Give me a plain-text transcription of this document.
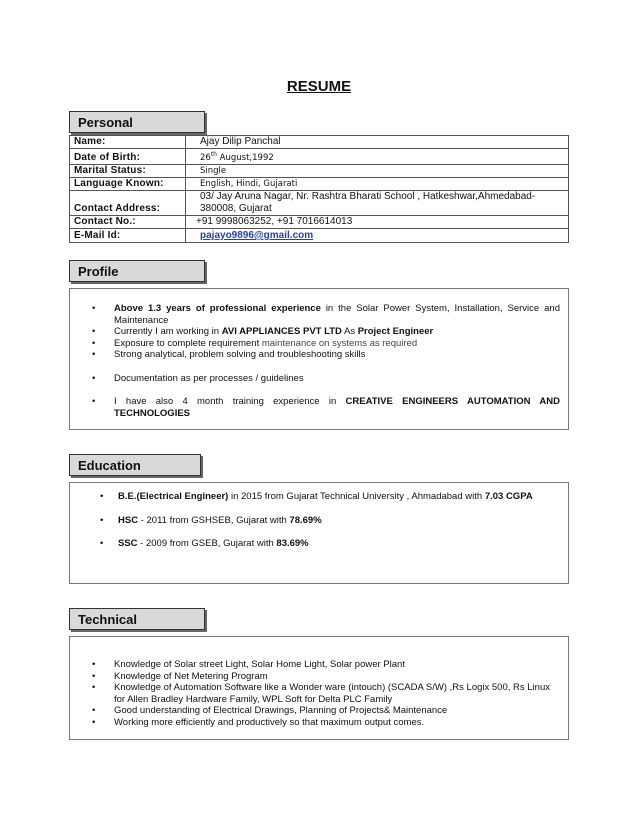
RESUME
Personal
Name:	Ajay Dilip Panchal
Date of Birth:	26th August,1992
Marital Status:	Single
Language Known:	English, Hindi, Gujarati
Contact Address:	03/ Jay Aruna Nagar, Nr. Rashtra Bharati School , Hatkeshwar,Ahmedabad-
380008, Gujarat

Contact No.:	+91 9998063252, +91 7016614013
E-Mail Id:	pajayo9896@gmail.com
Profile
• Above 1.3 years of professional experience in the Solar Power System, Installation, Service and Maintenance
• Currently I am working in AVI APPLIANCES PVT LTD As Project Engineer
• Exposure to complete requirement maintenance on systems as required
• Strong analytical, problem solving and troubleshooting skills
• Documentation as per processes / guidelines
• I have also 4 month training experience in CREATIVE ENGINEERS AUTOMATION AND TECHNOLOGIES
Education
• B.E.(Electrical Engineer) in 2015 from Gujarat Technical University , Ahmadabad with 7.03 CGPA
• HSC - 2011 from GSHSEB, Gujarat with 78.69%
• SSC - 2009 from GSEB, Gujarat with 83.69%
Technical
• Knowledge of Solar street Light, Solar Home Light, Solar power Plant
• Knowledge of Net Metering Program
• Knowledge of Automation Software like a Wonder ware (intouch) (SCADA S/W) ,Rs Logix 500, Rs Linux for Allen Bradley Hardware Family, WPL Soft for Delta PLC Family
• Good understanding of Electrical Drawings, Planning of Projects& Maintenance
• Working more efficiently and productively so that maximum output comes.
